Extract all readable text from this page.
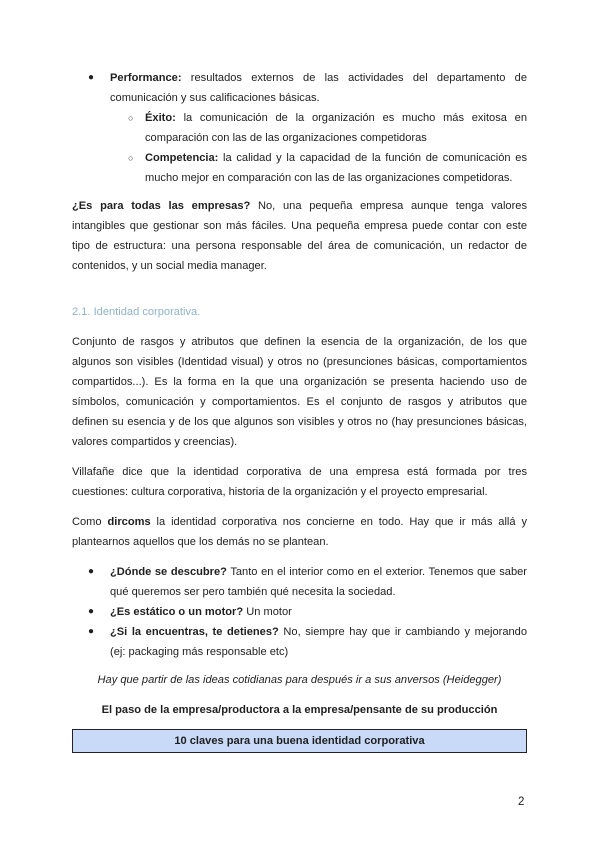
● Performance: resultados externos de las actividades del departamento de comunicación y sus calificaciones básicas.
○ Éxito: la comunicación de la organización es mucho más exitosa en comparación con las de las organizaciones competidoras
○ Competencia: la calidad y la capacidad de la función de comunicación es mucho mejor en comparación con las de las organizaciones competidoras.

¿Es para todas las empresas? No, una pequeña empresa aunque tenga valores intangibles que gestionar son más fáciles. Una pequeña empresa puede contar con este tipo de estructura: una persona responsable del área de comunicación, un redactor de contenidos, y un social media manager.

2.1. Identidad corporativa.

Conjunto de rasgos y atributos que definen la esencia de la organización, de los que algunos son visibles (Identidad visual) y otros no (presunciones básicas, comportamientos compartidos...). Es la forma en la que una organización se presenta haciendo uso de símbolos, comunicación y comportamientos. Es el conjunto de rasgos y atributos que definen su esencia y de los que algunos son visibles y otros no (hay presunciones básicas, valores compartidos y creencias).

Villafañe dice que la identidad corporativa de una empresa está formada por tres cuestiones: cultura corporativa, historia de la organización y el proyecto empresarial.

Como dircoms la identidad corporativa nos concierne en todo. Hay que ir más allá y plantearnos aquellos que los demás no se plantean.

● ¿Dónde se descubre? Tanto en el interior como en el exterior. Tenemos que saber qué queremos ser pero también qué necesita la sociedad.
● ¿Es estático o un motor? Un motor
● ¿Si la encuentras, te detienes? No, siempre hay que ir cambiando y mejorando (ej: packaging más responsable etc)

Hay que partir de las ideas cotidianas para después ir a sus anversos (Heidegger)

El paso de la empresa/productora a la empresa/pensante de su producción

10 claves para una buena identidad corporativa
2
